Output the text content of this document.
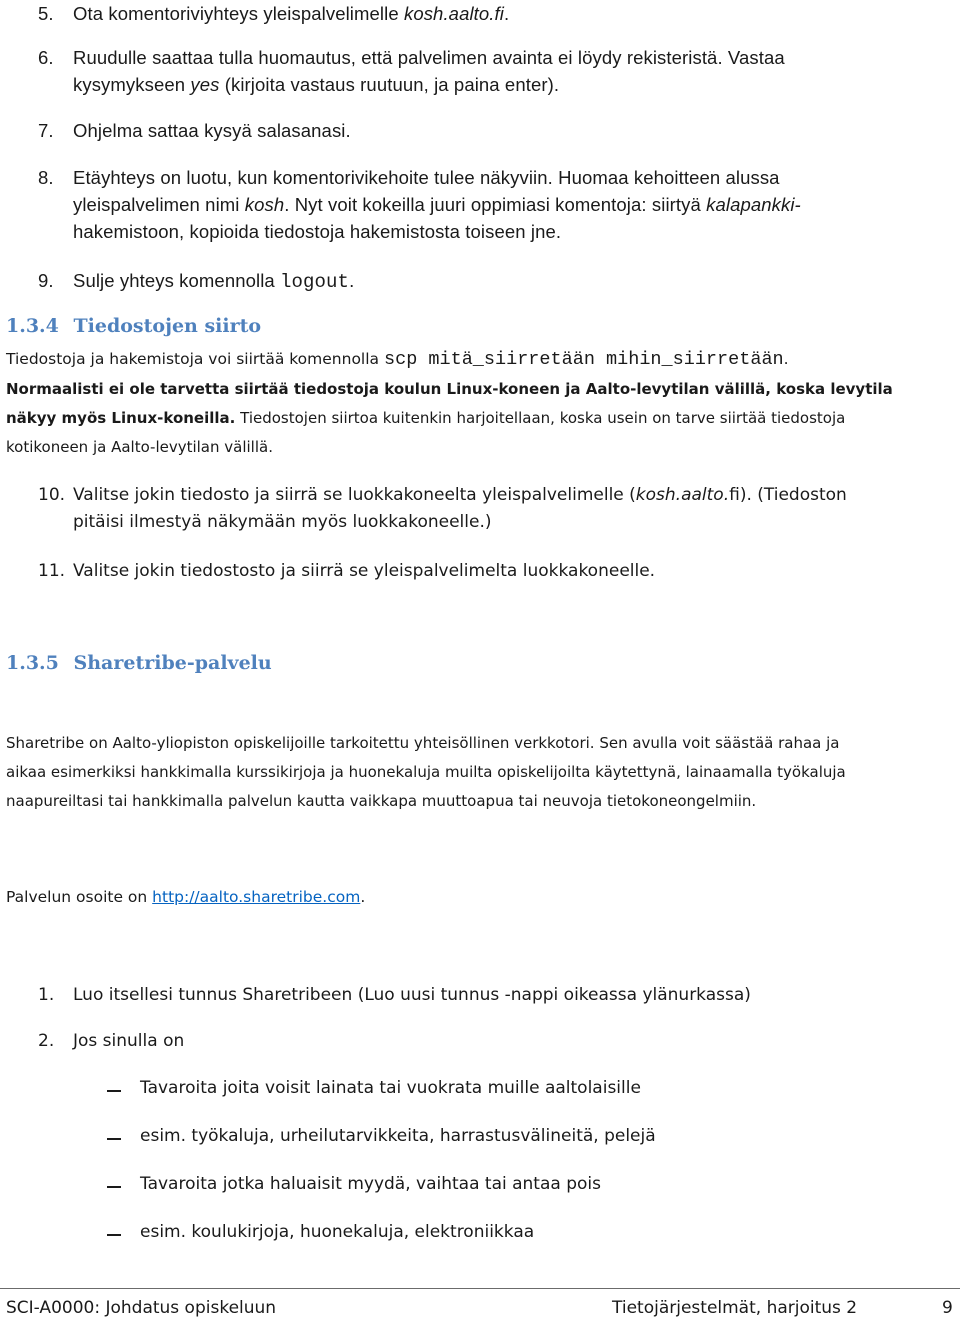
5. Ota komentoriviyhteys yleispalvelimelle kosh.aalto.fi.
6. Ruudulle saattaa tulla huomautus, että palvelimen avainta ei löydy rekisteristä. Vastaa
kysymykseen yes (kirjoita vastaus ruutuun, ja paina enter).
7. Ohjelma sattaa kysyä salasanasi.
8. Etäyhteys on luotu, kun komentorivikehoite tulee näkyviin. Huomaa kehoitteen alussa
yleispalvelimen nimi kosh. Nyt voit kokeilla juuri oppimiasi komentoja: siirtyä kalapankki-
hakemistoon, kopioida tiedostoja hakemistosta toiseen jne.
9. Sulje yhteys komennolla logout.
1.3.4 Tiedostojen siirto
Tiedostoja ja hakemistoja voi siirtää komennolla scp mitä_siirretään mihin_siirretään.
Normaalisti ei ole tarvetta siirtää tiedostoja koulun Linux-koneen ja Aalto-levytilan välillä, koska levytila
näkyy myös Linux-koneilla. Tiedostojen siirtoa kuitenkin harjoitellaan, koska usein on tarve siirtää tiedostoja
kotikoneen ja Aalto-levytilan välillä.
10. Valitse jokin tiedosto ja siirrä se luokkakoneelta yleispalvelimelle (kosh.aalto.fi). (Tiedoston
pitäisi ilmestyä näkymään myös luokkakoneelle.)
11. Valitse jokin tiedostosto ja siirrä se yleispalvelimelta luokkakoneelle.
1.3.5 Sharetribe-palvelu
Sharetribe on Aalto-yliopiston opiskelijoille tarkoitettu yhteisöllinen verkkotori. Sen avulla voit säästää rahaa ja
aikaa esimerkiksi hankkimalla kurssikirjoja ja huonekaluja muilta opiskelijoilta käytettynä, lainaamalla työkaluja
naapureiltasi tai hankkimalla palvelun kautta vaikkapa muuttoapua tai neuvoja tietokoneongelmiin.
Palvelun osoite on http://aalto.sharetribe.com.
1. Luo itsellesi tunnus Sharetribeen (Luo uusi tunnus -nappi oikeassa ylänurkassa)
2. Jos sinulla on
Tavaroita joita voisit lainata tai vuokrata muille aaltolaisille
esim. työkaluja, urheilutarvikkeita, harrastusvälineitä, pelejä
Tavaroita jotka haluaisit myydä, vaihtaa tai antaa pois
esim. koulukirjoja, huonekaluja, elektroniikkaa
SCI-A0000: Johdatus opiskeluun	Tietojärjestelmät, harjoitus 2	9
